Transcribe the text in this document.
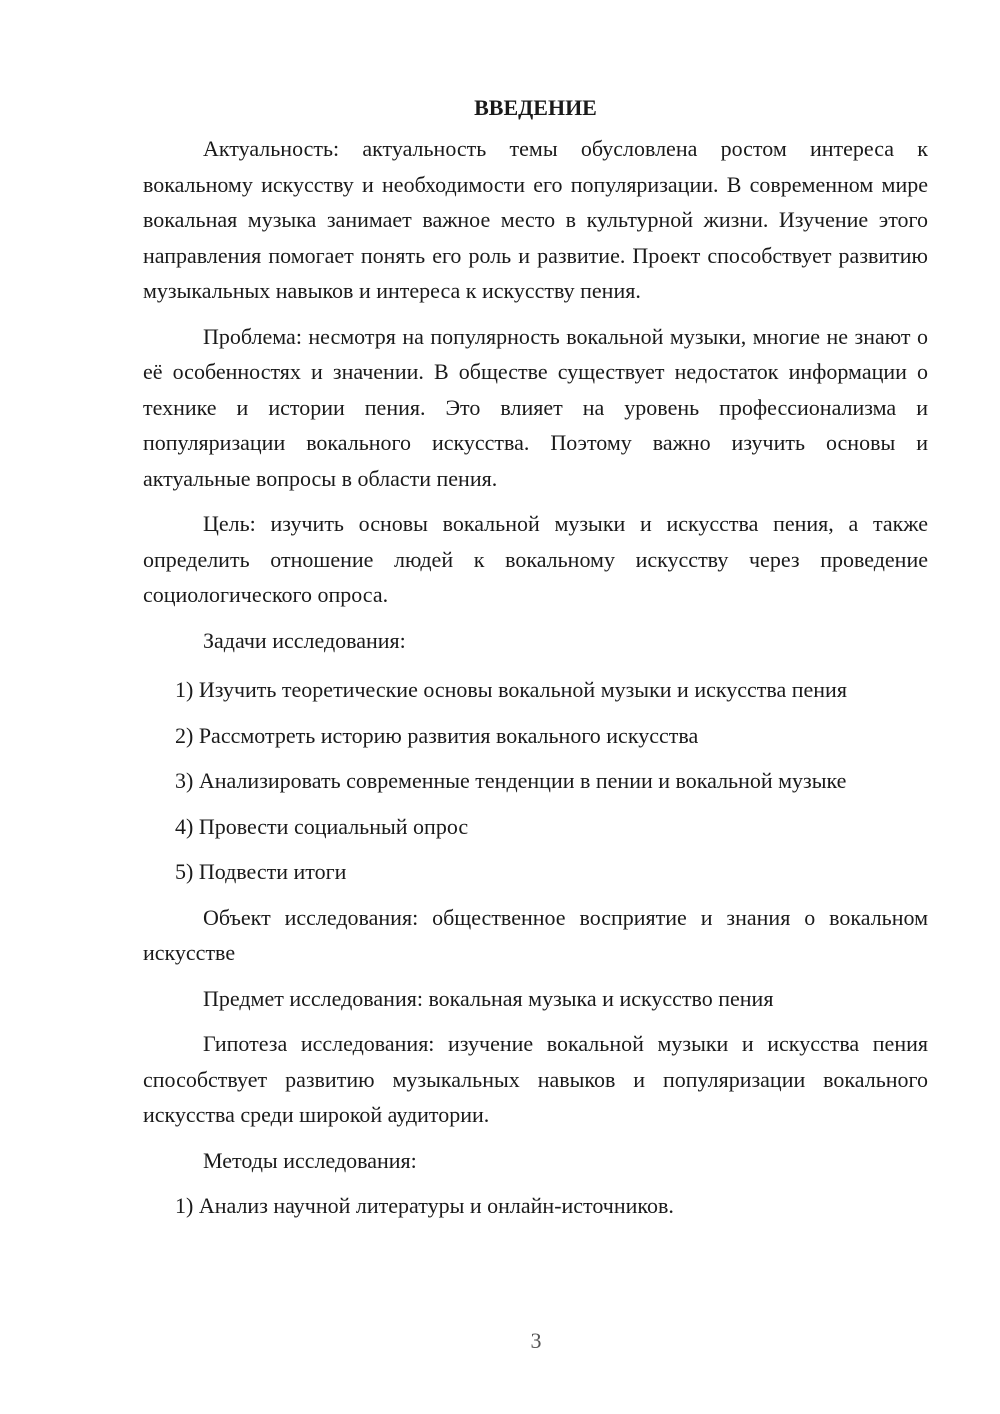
ВВЕДЕНИЕ

Актуальность: актуальность темы обусловлена ростом интереса к вокальному искусству и необходимости его популяризации. В современном мире вокальная музыка занимает важное место в культурной жизни. Изучение этого направления помогает понять его роль и развитие. Проект способствует развитию музыкальных навыков и интереса к искусству пения.

Проблема: несмотря на популярность вокальной музыки, многие не знают о её особенностях и значении. В обществе существует недостаток информации о технике и истории пения. Это влияет на уровень профессионализма и популяризации вокального искусства. Поэтому важно изучить основы и актуальные вопросы в области пения.

Цель: изучить основы вокальной музыки и искусства пения, а также определить отношение людей к вокальному искусству через проведение социологического опроса.

Задачи исследования:

1) Изучить теоретические основы вокальной музыки и искусства пения

2) Рассмотреть историю развития вокального искусства

3) Анализировать современные тенденции в пении и вокальной музыке

4) Провести социальный опрос

5) Подвести итоги

Объект исследования: общественное восприятие и знания о вокальном искусстве

Предмет исследования: вокальная музыка и искусство пения

Гипотеза исследования: изучение вокальной музыки и искусства пения способствует развитию музыкальных навыков и популяризации вокального искусства среди широкой аудитории.

Методы исследования:

1) Анализ научной литературы и онлайн-источников.

3
